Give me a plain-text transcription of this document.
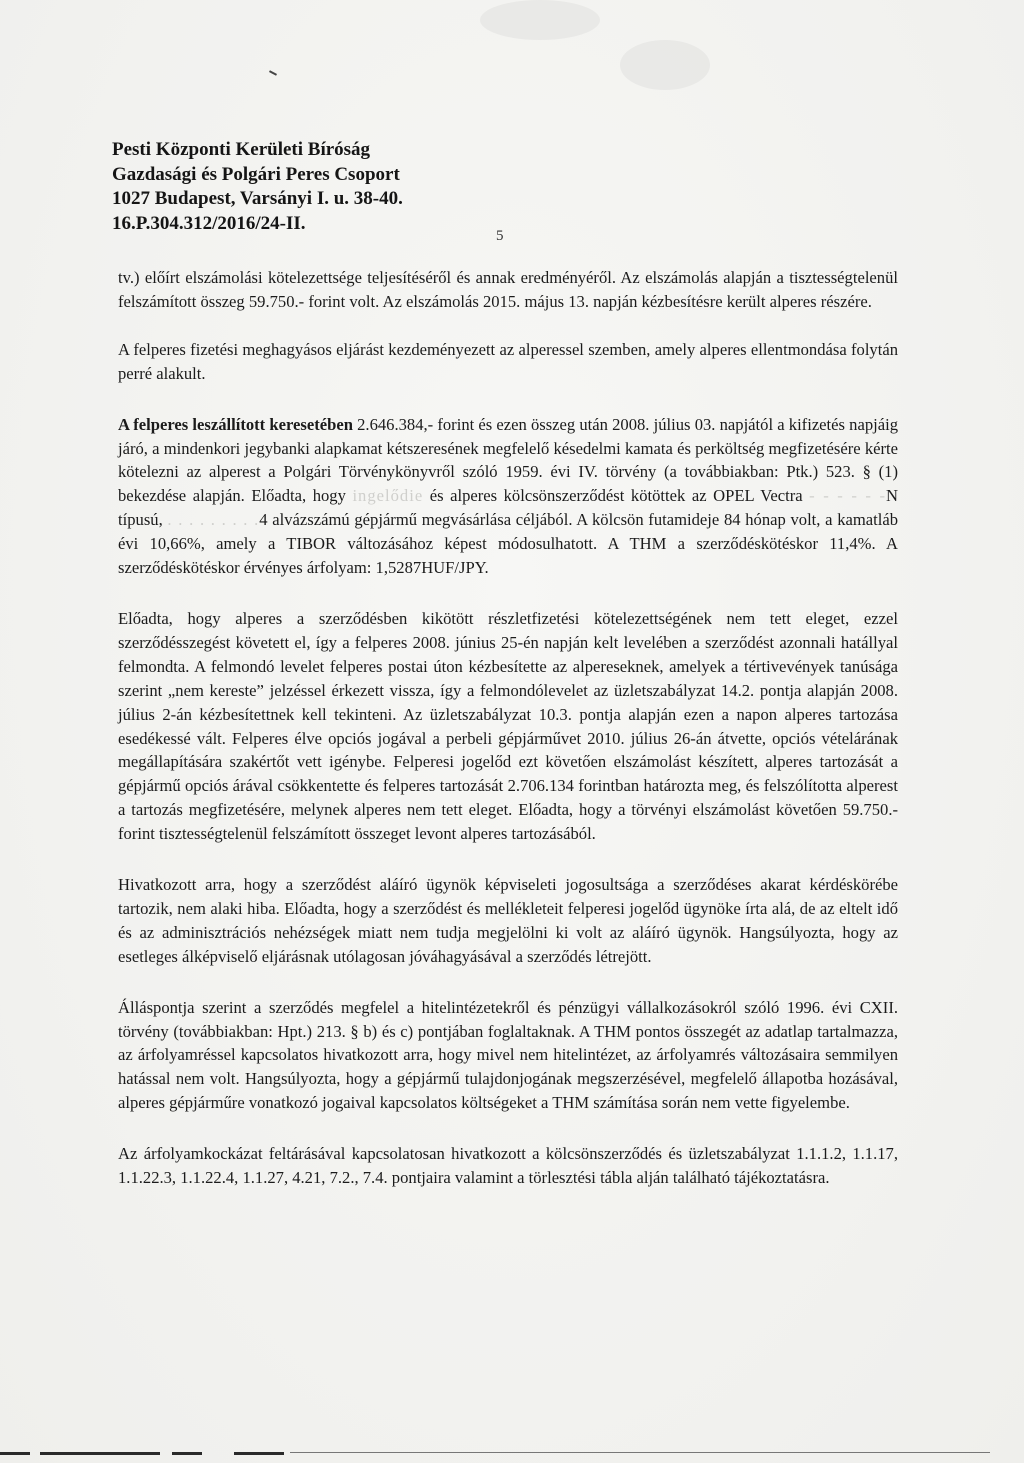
Pesti Központi Kerületi Bíróság
Gazdasági és Polgári Peres Csoport
1027 Budapest, Varsányi I. u. 38-40.
16.P.304.312/2016/24-II.
5

tv.) előírt elszámolási kötelezettsége teljesítéséről és annak eredményéről. Az elszámolás alapján a tisztességtelenül felszámított összeg 59.750.- forint volt. Az elszámolás 2015. május 13. napján kézbesítésre került alperes részére.

A felperes fizetési meghagyásos eljárást kezdeményezett az alperessel szemben, amely alperes ellentmondása folytán perré alakult.

A felperes leszállított keresetében 2.646.384,- forint és ezen összeg után 2008. július 03. napjától a kifizetés napjáig járó, a mindenkori jegybanki alapkamat kétszeresének megfelelő késedelmi kamata és perköltség megfizetésére kérte kötelezni az alperest a Polgári Törvénykönyvről szóló 1959. évi IV. törvény (a továbbiakban: Ptk.) 523. § (1) bekezdése alapján. Előadta, hogy ingelődie és alperes kölcsönszerződést kötöttek az OPEL Vectra - - - - - -N típusú, . . . . . . . . .4 alvázszámú gépjármű megvásárlása céljából. A kölcsön futamideje 84 hónap volt, a kamatláb évi 10,66%, amely a TIBOR változásához képest módosulhatott. A THM a szerződéskötéskor 11,4%. A szerződéskötéskor érvényes árfolyam: 1,5287HUF/JPY.

Előadta, hogy alperes a szerződésben kikötött részletfizetési kötelezettségének nem tett eleget, ezzel szerződésszegést követett el, így a felperes 2008. június 25-én napján kelt levelében a szerződést azonnali hatállyal felmondta. A felmondó levelet felperes postai úton kézbesítette az alpereseknek, amelyek a tértivevények tanúsága szerint „nem kereste” jelzéssel érkezett vissza, így a felmondólevelet az üzletszabályzat 14.2. pontja alapján 2008. július 2-án kézbesítettnek kell tekinteni. Az üzletszabályzat 10.3. pontja alapján ezen a napon alperes tartozása esedékessé vált. Felperes élve opciós jogával a perbeli gépjárművet 2010. július 26-án átvette, opciós vételárának megállapítására szakértőt vett igénybe. Felperesi jogelőd ezt követően elszámolást készített, alperes tartozását a gépjármű opciós árával csökkentette és felperes tartozását 2.706.134 forintban határozta meg, és felszólította alperest a tartozás megfizetésére, melynek alperes nem tett eleget. Előadta, hogy a törvényi elszámolást követően 59.750.- forint tisztességtelenül felszámított összeget levont alperes tartozásából.

Hivatkozott arra, hogy a szerződést aláíró ügynök képviseleti jogosultsága a szerződéses akarat kérdéskörébe tartozik, nem alaki hiba. Előadta, hogy a szerződést és mellékleteit felperesi jogelőd ügynöke írta alá, de az eltelt idő és az adminisztrációs nehézségek miatt nem tudja megjelölni ki volt az aláíró ügynök. Hangsúlyozta, hogy az esetleges álképviselő eljárásnak utólagosan jóváhagyásával a szerződés létrejött.

Álláspontja szerint a szerződés megfelel a hitelintézetekről és pénzügyi vállalkozásokról szóló 1996. évi CXII. törvény (továbbiakban: Hpt.) 213. § b) és c) pontjában foglaltaknak. A THM pontos összegét az adatlap tartalmazza, az árfolyamréssel kapcsolatos hivatkozott arra, hogy mivel nem hitelintézet, az árfolyamrés változásaira semmilyen hatással nem volt. Hangsúlyozta, hogy a gépjármű tulajdonjogának megszerzésével, megfelelő állapotba hozásával, alperes gépjárműre vonatkozó jogaival kapcsolatos költségeket a THM számítása során nem vette figyelembe.

Az árfolyamkockázat feltárásával kapcsolatosan hivatkozott a kölcsönszerződés és üzletszabályzat 1.1.1.2, 1.1.17, 1.1.22.3, 1.1.22.4, 1.1.27, 4.21, 7.2., 7.4. pontjaira valamint a törlesztési tábla alján található tájékoztatásra.
